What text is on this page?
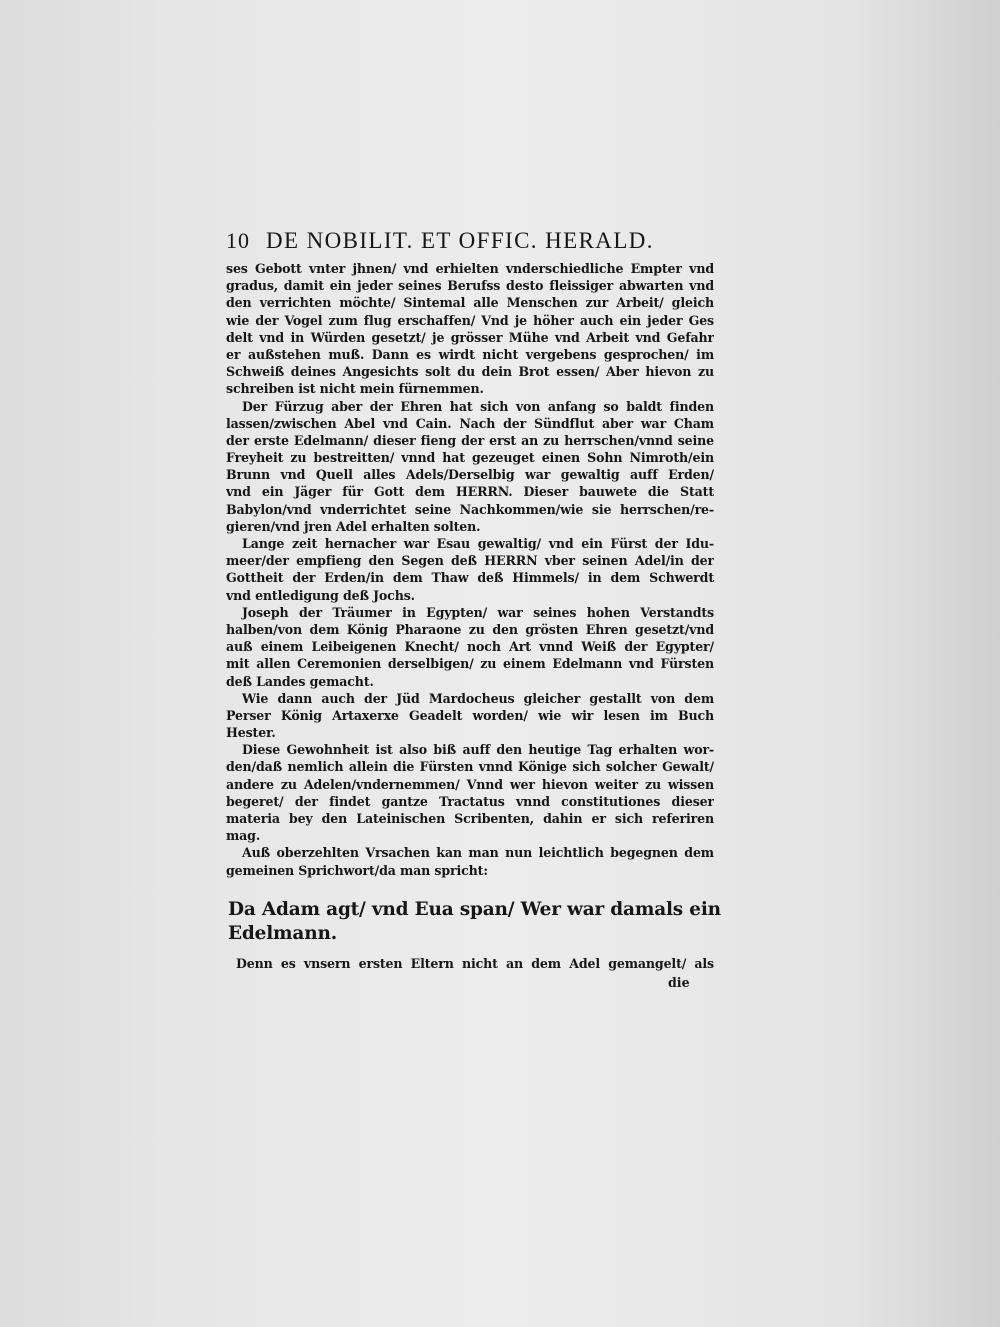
10 DE NOBILIT. ET OFFIC. HERALD.
ses Gebott vnter jhnen/ vnd erhielten vnderschiedliche Empter vnd
gradus, damit ein jeder seines Berufss desto fleissiger abwarten vnd
den verrichten möchte/ Sintemal alle Menschen zur Arbeit/ gleich
wie der Vogel zum flug erschaffen/ Vnd je höher auch ein jeder Ges
delt vnd in Würden gesetzt/ je grösser Mühe vnd Arbeit vnd Gefahr
er außstehen muß. Dann es wirdt nicht vergebens gesprochen/ im
Schweiß deines Angesichts solt du dein Brot essen/ Aber hievon zu
schreiben ist nicht mein fürnemmen.
Der Fürzug aber der Ehren hat sich von anfang so baldt finden
lassen/zwischen Abel vnd Cain. Nach der Sündflut aber war Cham
der erste Edelmann/ dieser fieng der erst an zu herrschen/vnnd seine
Freyheit zu bestreitten/ vnnd hat gezeuget einen Sohn Nimroth/ein
Brunn vnd Quell alles Adels/Derselbig war gewaltig auff Erden/
vnd ein Jäger für Gott dem HERRN. Dieser bauwete die Statt
Babylon/vnd vnderrichtet seine Nachkommen/wie sie herrschen/re-
gieren/vnd jren Adel erhalten solten.
Lange zeit hernacher war Esau gewaltig/ vnd ein Fürst der Idu-
meer/der empfieng den Segen deß HERRN vber seinen Adel/in der
Gottheit der Erden/in dem Thaw deß Himmels/ in dem Schwerdt
vnd entledigung deß Jochs.
Joseph der Träumer in Egypten/ war seines hohen Verstandts
halben/von dem König Pharaone zu den grösten Ehren gesetzt/vnd
auß einem Leibeigenen Knecht/ noch Art vnnd Weiß der Egypter/
mit allen Ceremonien derselbigen/ zu einem Edelmann vnd Fürsten
deß Landes gemacht.
Wie dann auch der Jüd Mardocheus gleicher gestallt von dem
Perser König Artaxerxe Geadelt worden/ wie wir lesen im Buch
Hester.
Diese Gewohnheit ist also biß auff den heutige Tag erhalten wor-
den/daß nemlich allein die Fürsten vnnd Könige sich solcher Gewalt/
andere zu Adelen/vndernemmen/ Vnnd wer hievon weiter zu wissen
begeret/ der findet gantze Tractatus vnnd constitutiones dieser
materia bey den Lateinischen Scribenten, dahin er sich referiren
mag.
Auß oberzehlten Vrsachen kan man nun leichtlich begegnen dem
gemeinen Sprichwort/da man spricht:
Da Adam agt/ vnd Eua span/ Wer war damals ein
Edelmann.
Denn es vnsern ersten Eltern nicht an dem Adel gemangelt/ als
die
